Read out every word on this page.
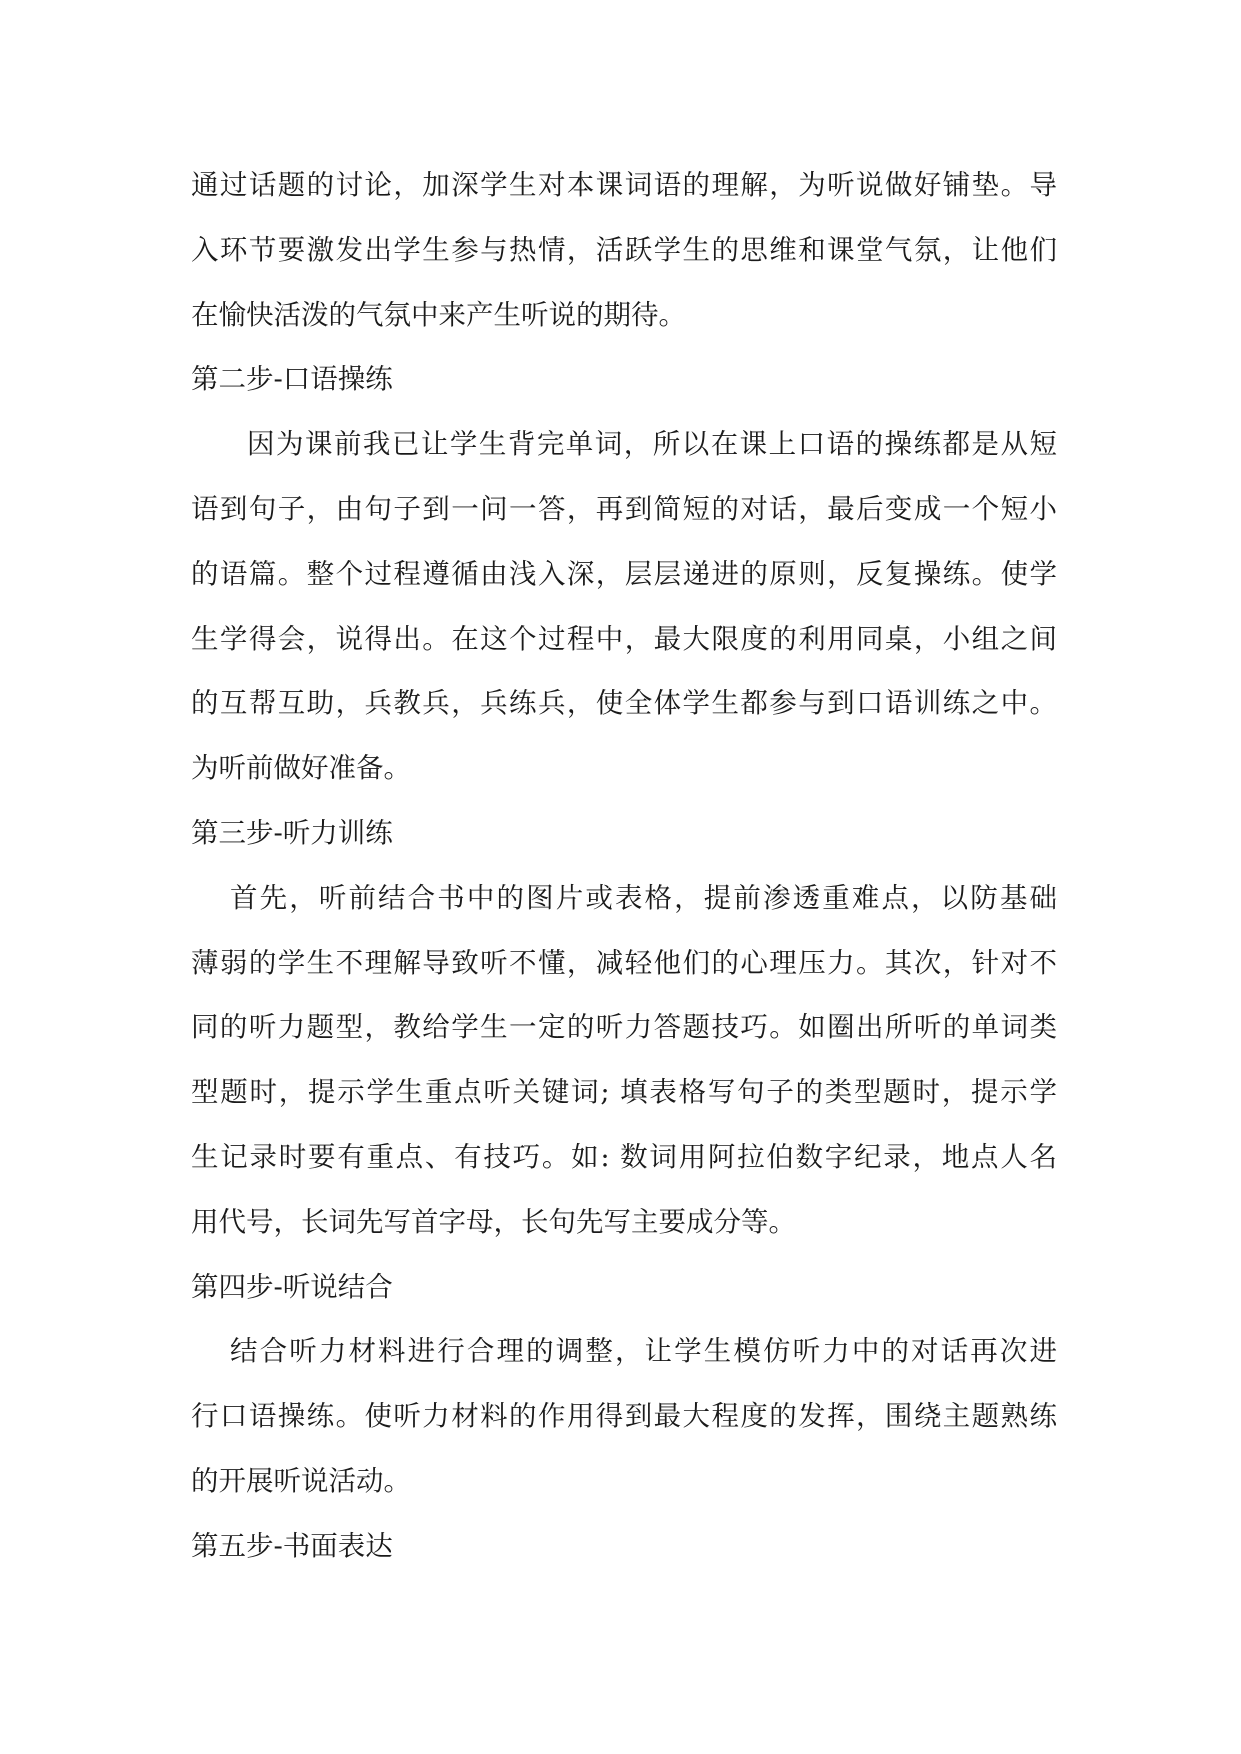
通过话题的讨论，加深学生对本课词语的理解，为听说做好铺垫。导
入环节要激发出学生参与热情，活跃学生的思维和课堂气氛，让他们
在愉快活泼的气氛中来产生听说的期待。
第二步-口语操练
因为课前我已让学生背完单词，所以在课上口语的操练都是从短
语到句子，由句子到一问一答，再到简短的对话，最后变成一个短小
的语篇。整个过程遵循由浅入深，层层递进的原则，反复操练。使学
生学得会，说得出。在这个过程中，最大限度的利用同桌，小组之间
的互帮互助，兵教兵，兵练兵，使全体学生都参与到口语训练之中。
为听前做好准备。
第三步-听力训练
首先，听前结合书中的图片或表格，提前渗透重难点，以防基础
薄弱的学生不理解导致听不懂，减轻他们的心理压力。其次，针对不
同的听力题型，教给学生一定的听力答题技巧。如圈出所听的单词类
型题时，提示学生重点听关键词; 填表格写句子的类型题时，提示学
生记录时要有重点、有技巧。如: 数词用阿拉伯数字纪录，地点人名
用代号，长词先写首字母，长句先写主要成分等。
第四步-听说结合
结合听力材料进行合理的调整，让学生模仿听力中的对话再次进
行口语操练。使听力材料的作用得到最大程度的发挥，围绕主题熟练
的开展听说活动。
第五步-书面表达
